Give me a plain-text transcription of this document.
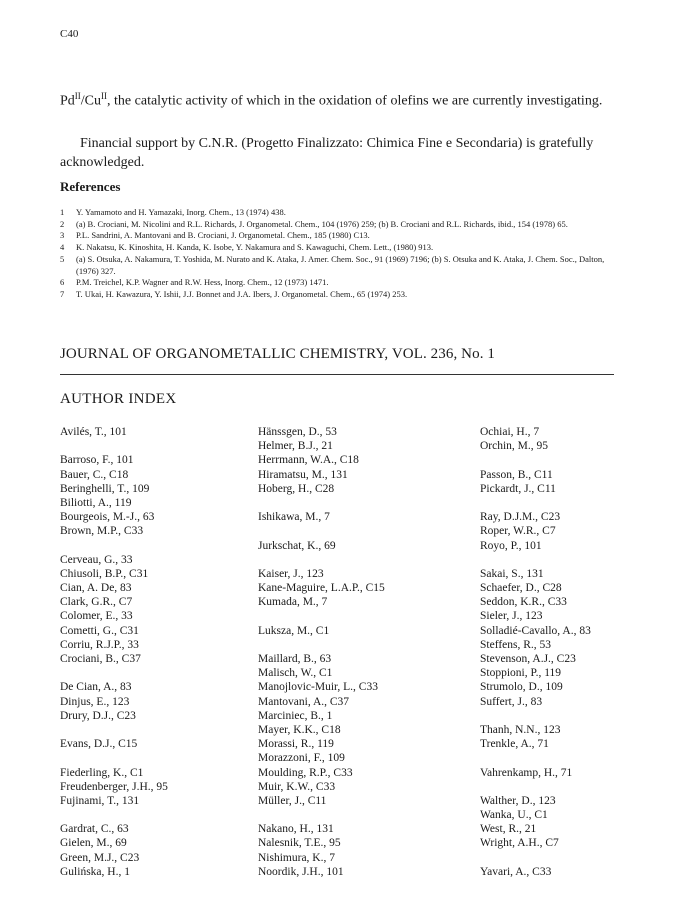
C40
$Pd^{II}/Cu^{II}$, the catalytic activity of which in the oxidation of olefins we are currently investigating.
Financial support by C.N.R. (Progetto Finalizzato: Chimica Fine e Secondaria) is gratefully acknowledged.
References
1	Y. Yamamoto and H. Yamazaki, Inorg. Chem., 13 (1974) 438.
2	(a) B. Crociani, M. Nicolini and R.L. Richards, J. Organometal. Chem., 104 (1976) 259; (b) B. Crociani and R.L. Richards, ibid., 154 (1978) 65.
3	P.L. Sandrini, A. Mantovani and B. Crociani, J. Organometal. Chem., 185 (1980) C13.
4	K. Nakatsu, K. Kinoshita, H. Kanda, K. Isobe, Y. Nakamura and S. Kawaguchi, Chem. Lett., (1980) 913.
5	(a) S. Otsuka, A. Nakamura, T. Yoshida, M. Nurato and K. Ataka, J. Amer. Chem. Soc., 91 (1969) 7196; (b) S. Otsuka and K. Ataka, J. Chem. Soc., Dalton, (1976) 327.
6	P.M. Treichel, K.P. Wagner and R.W. Hess, Inorg. Chem., 12 (1973) 1471.
7	T. Ukai, H. Kawazura, Y. Ishii, J.J. Bonnet and J.A. Ibers, J. Organometal. Chem., 65 (1974) 253.
JOURNAL OF ORGANOMETALLIC CHEMISTRY, VOL. 236, No. 1
AUTHOR INDEX
Avilés, T., 101
Barroso, F., 101
Bauer, C., C18
Beringhelli, T., 109
Biliotti, A., 119
Bourgeois, M.-J., 63
Brown, M.P., C33
Cerveau, G., 33
Chiusoli, B.P., C31
Cian, A. De, 83
Clark, G.R., C7
Colomer, E., 33
Cometti, G., C31
Corriu, R.J.P., 33
Crociani, B., C37
De Cian, A., 83
Dinjus, E., 123
Drury, D.J., C23
Evans, D.J., C15
Fiederling, K., C1
Freudenberger, J.H., 95
Fujinami, T., 131
Gardrat, C., 63
Gielen, M., 69
Green, M.J., C23
Gulińska, H., 1
Hänssgen, D., 53
Helmer, B.J., 21
Herrmann, W.A., C18
Hiramatsu, M., 131
Hoberg, H., C28
Ishikawa, M., 7
Jurkschat, K., 69
Kaiser, J., 123
Kane-Maguire, L.A.P., C15
Kumada, M., 7
Luksza, M., C1
Maillard, B., 63
Malisch, W., C1
Manojlovic-Muir, L., C33
Mantovani, A., C37
Marciniec, B., 1
Mayer, K.K., C18
Morassi, R., 119
Morazzoni, F., 109
Moulding, R.P., C33
Muir, K.W., C33
Müller, J., C11
Nakano, H., 131
Nalesnik, T.E., 95
Nishimura, K., 7
Noordik, J.H., 101
Ochiai, H., 7
Orchin, M., 95
Passon, B., C11
Pickardt, J., C11
Ray, D.J.M., C23
Roper, W.R., C7
Royo, P., 101
Sakai, S., 131
Schaefer, D., C28
Seddon, K.R., C33
Sieler, J., 123
Solladié-Cavallo, A., 83
Steffens, R., 53
Stevenson, A.J., C23
Stoppioni, P., 119
Strumolo, D., 109
Suffert, J., 83
Thanh, N.N., 123
Trenkle, A., 71
Vahrenkamp, H., 71
Walther, D., 123
Wanka, U., C1
West, R., 21
Wright, A.H., C7
Yavari, A., C33
